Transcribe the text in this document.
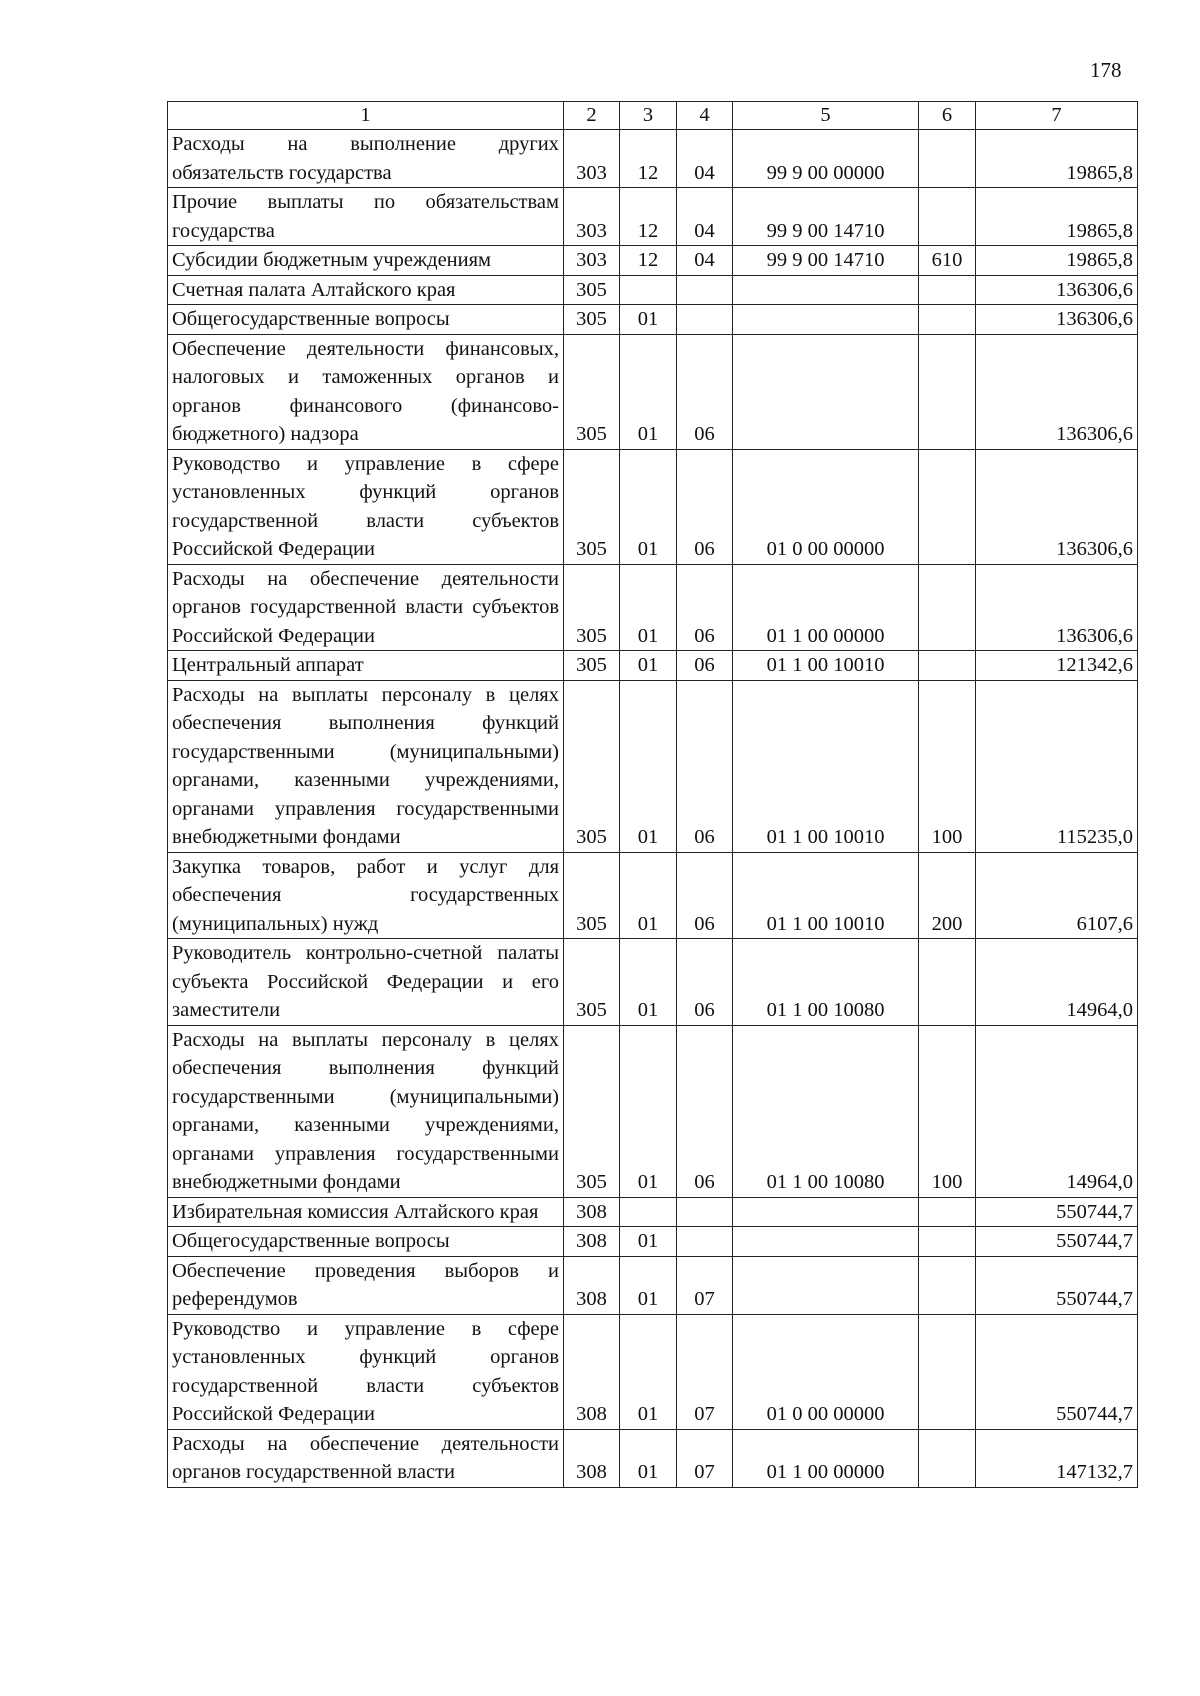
178
1	2	3	4	5	6	7
Расходы на выполнение других обязательств государства	303	12	04	99 9 00 00000		19865,8
Прочие выплаты по обязательствам государства	303	12	04	99 9 00 14710		19865,8
Субсидии бюджетным учреждениям	303	12	04	99 9 00 14710	610	19865,8
Счетная палата Алтайского края	305					136306,6
Общегосударственные вопросы	305	01				136306,6
Обеспечение деятельности финансовых, налоговых и таможенных органов и органов финансового (финансово-бюджетного) надзора	305	01	06			136306,6
Руководство и управление в сфере установленных функций органов государственной власти субъектов Российской Федерации	305	01	06	01 0 00 00000		136306,6
Расходы на обеспечение деятельности органов государственной власти субъектов Российской Федерации	305	01	06	01 1 00 00000		136306,6
Центральный аппарат	305	01	06	01 1 00 10010		121342,6
Расходы на выплаты персоналу в целях обеспечения выполнения функций государственными (муниципальными) органами, казенными учреждениями, органами управления государственными внебюджетными фондами	305	01	06	01 1 00 10010	100	115235,0
Закупка товаров, работ и услуг для обеспечения государственных (муниципальных) нужд	305	01	06	01 1 00 10010	200	6107,6
Руководитель контрольно-счетной палаты субъекта Российской Федерации и его заместители	305	01	06	01 1 00 10080		14964,0
Расходы на выплаты персоналу в целях обеспечения выполнения функций государственными (муниципальными) органами, казенными учреждениями, органами управления государственными внебюджетными фондами	305	01	06	01 1 00 10080	100	14964,0
Избирательная комиссия Алтайского края	308					550744,7
Общегосударственные вопросы	308	01				550744,7
Обеспечение проведения выборов и референдумов	308	01	07			550744,7
Руководство и управление в сфере установленных функций органов государственной власти субъектов Российской Федерации	308	01	07	01 0 00 00000		550744,7
Расходы на обеспечение деятельности органов государственной власти	308	01	07	01 1 00 00000		147132,7
